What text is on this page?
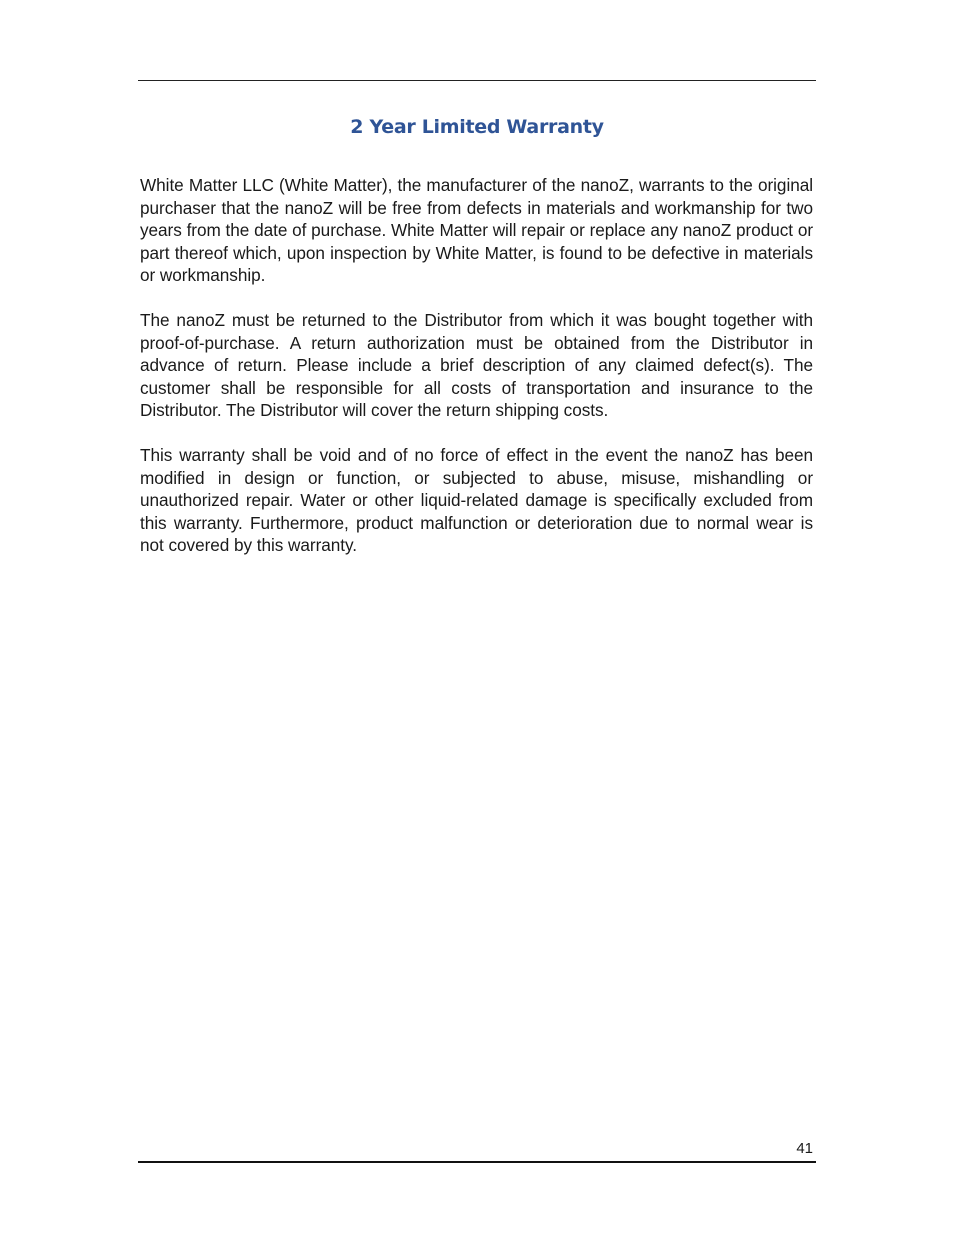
2 Year Limited Warranty

White Matter LLC (White Matter), the manufacturer of the nanoZ, warrants to the original purchaser that the nanoZ will be free from defects in materials and workmanship for two years from the date of purchase. White Matter will repair or replace any nanoZ product or part thereof which, upon inspection by White Matter, is found to be defective in materials or workmanship.

The nanoZ must be returned to the Distributor from which it was bought together with proof-of-purchase. A return authorization must be obtained from the Distributor in advance of return. Please include a brief description of any claimed defect(s). The customer shall be responsible for all costs of transportation and insurance to the Distributor. The Distributor will cover the return shipping costs.

This warranty shall be void and of no force of effect in the event the nanoZ has been modified in design or function, or subjected to abuse, misuse, mishandling or unauthorized repair. Water or other liquid-related damage is specifically excluded from this warranty. Furthermore, product malfunction or deterioration due to normal wear is not covered by this warranty.

41
